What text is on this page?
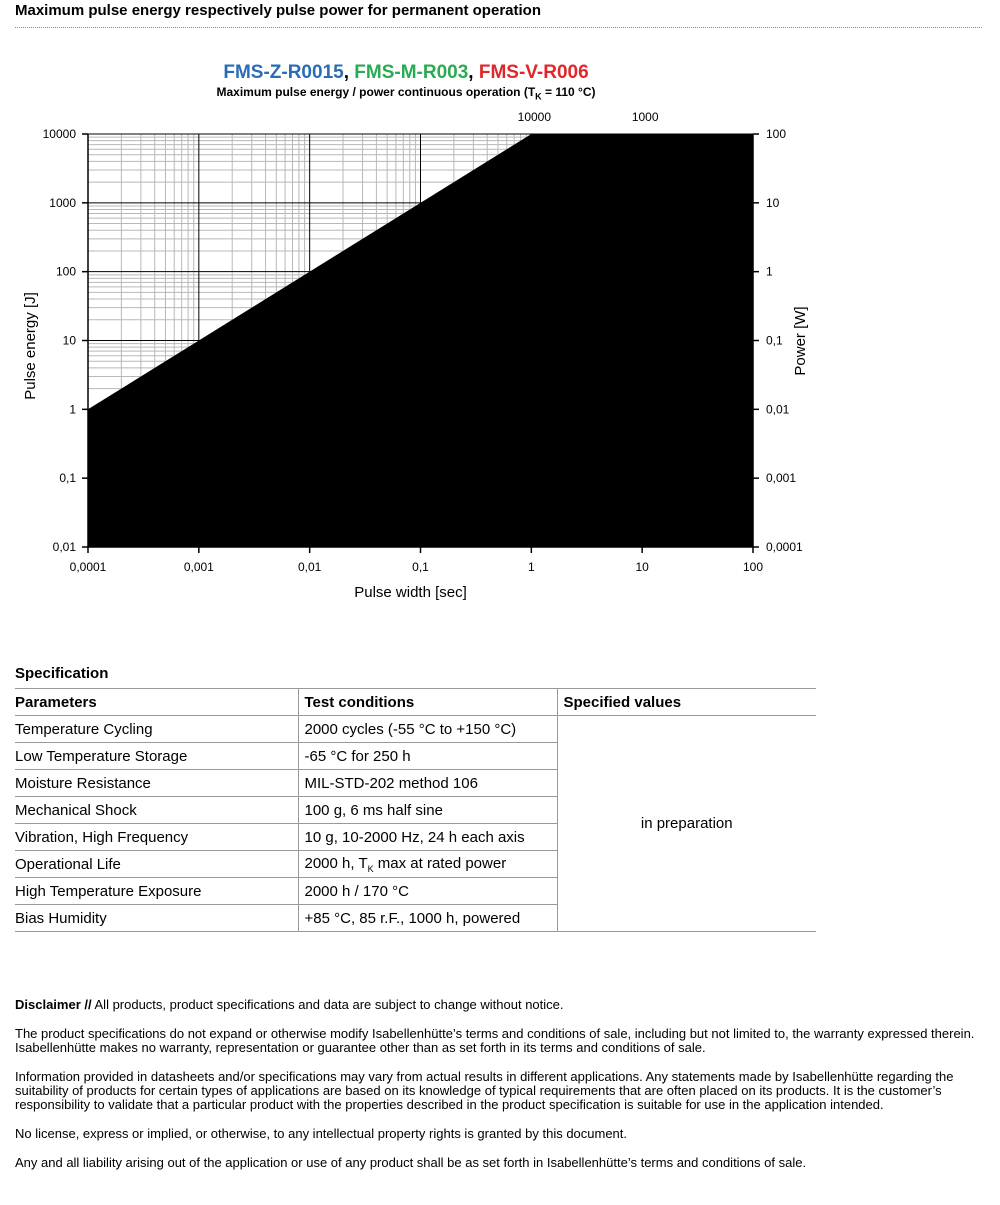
Maximum pulse energy respectively pulse power for permanent operation
FMS-Z-R0015, FMS-M-R003, FMS-V-R006
Maximum pulse energy / power continuous operation ($T_K = 110$ °C)
0,0001	0,001	0,01	0,1	1	10	100
0,01
0,1
1
10
100
1000
10000
0,0001
0,001
0,01
0,1
1
10
100
10000	1000
Pulse width [sec]
Pulse energy [J]	Power [W]
Specification
Parameters	Test conditions	Specified values
Temperature Cycling	2000 cycles (-55 °C to +150 °C)	in preparation
Low Temperature Storage	-65 °C for 250 h	
Moisture Resistance	MIL-STD-202 method 106	
Mechanical Shock	100 g, 6 ms half sine	
Vibration, High Frequency	10 g, 10-2000 Hz, 24 h each axis	
Operational Life	2000 h, $T_K$ max at rated power	
High Temperature Exposure	2000 h / 170 °C	
Bias Humidity	+85 °C, 85 r.F., 1000 h, powered	

Disclaimer // All products, product specifications and data are subject to change without notice.

The product specifications do not expand or otherwise modify Isabellenhütte’s terms and conditions of sale, including but not limited to, the warranty expressed therein. Isabellenhütte makes no warranty, representation or guarantee other than as set forth in its terms and conditions of sale.

Information provided in datasheets and/or specifications may vary from actual results in different applications. Any statements made by Isabellenhütte regarding the suitability of products for certain types of applications are based on its knowledge of typical requirements that are often placed on its products. It is the customer’s responsibility to validate that a particular product with the properties described in the product specification is suitable for use in the application intended.

No license, express or implied, or otherwise, to any intellectual property rights is granted by this document.

Any and all liability arising out of the application or use of any product shall be as set forth in Isabellenhütte’s terms and conditions of sale.
